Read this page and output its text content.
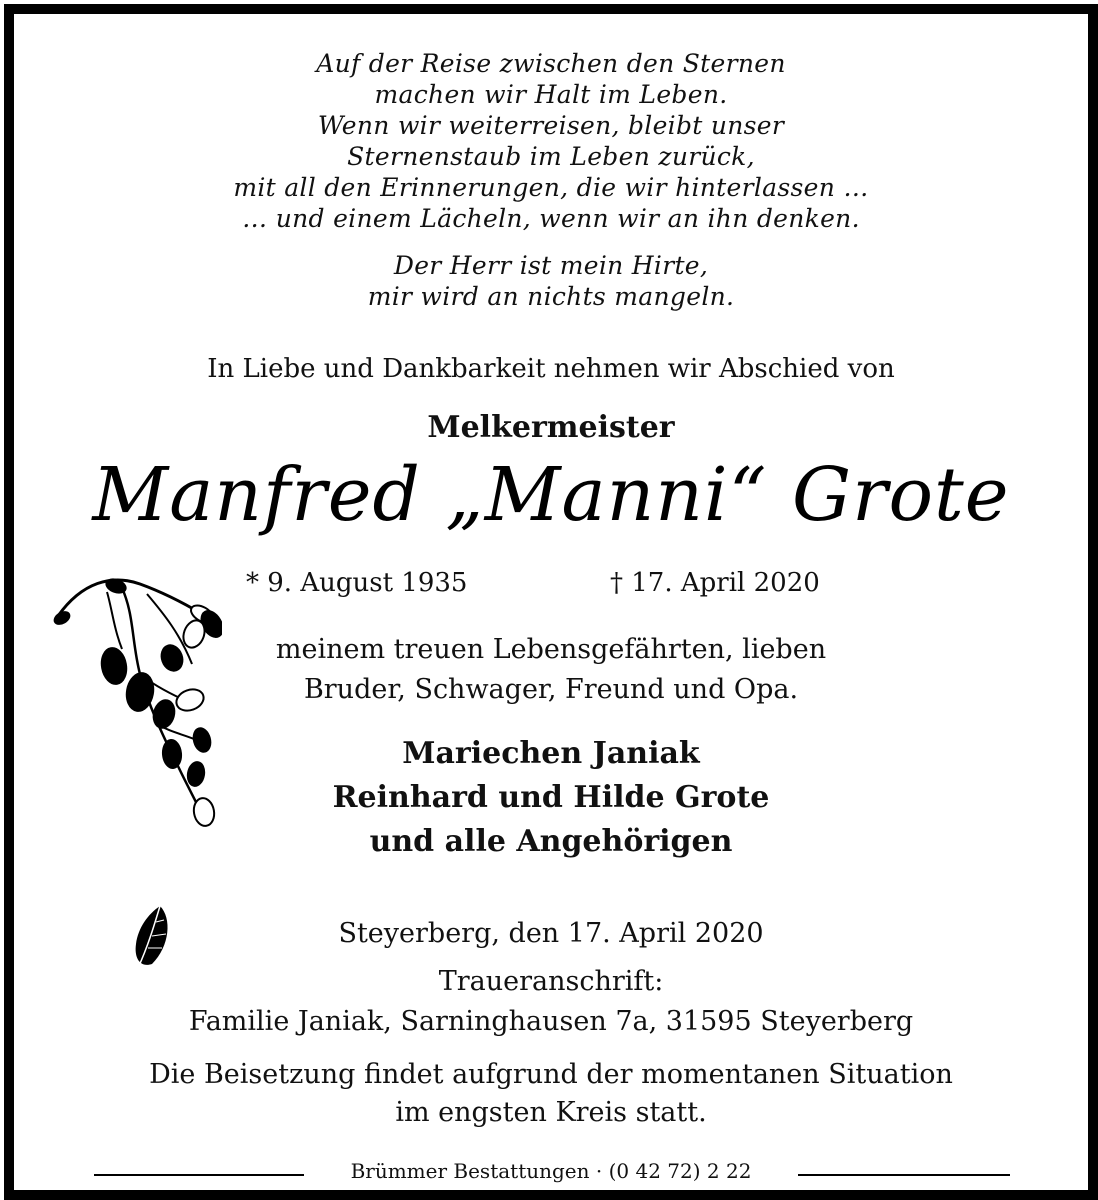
Auf der Reise zwischen den Sternen
machen wir Halt im Leben.
Wenn wir weiterreisen, bleibt unser
Sternenstaub im Leben zurück,
mit all den Erinnerungen, die wir hinterlassen …
… und einem Lächeln, wenn wir an ihn denken.
Der Herr ist mein Hirte,
mir wird an nichts mangeln.
In Liebe und Dankbarkeit nehmen wir Abschied von
Melkermeister
Manfred „Manni“ Grote
* 9. August 1935	† 17. April 2020
meinem treuen Lebensgefährten, lieben
Bruder, Schwager, Freund und Opa.
Mariechen Janiak
Reinhard und Hilde Grote
und alle Angehörigen
Steyerberg, den 17. April 2020
Traueranschrift:
Familie Janiak, Sarninghausen 7a, 31595 Steyerberg
Die Beisetzung findet aufgrund der momentanen Situation
im engsten Kreis statt.
Brümmer Bestattungen · (0 42 72) 2 22
